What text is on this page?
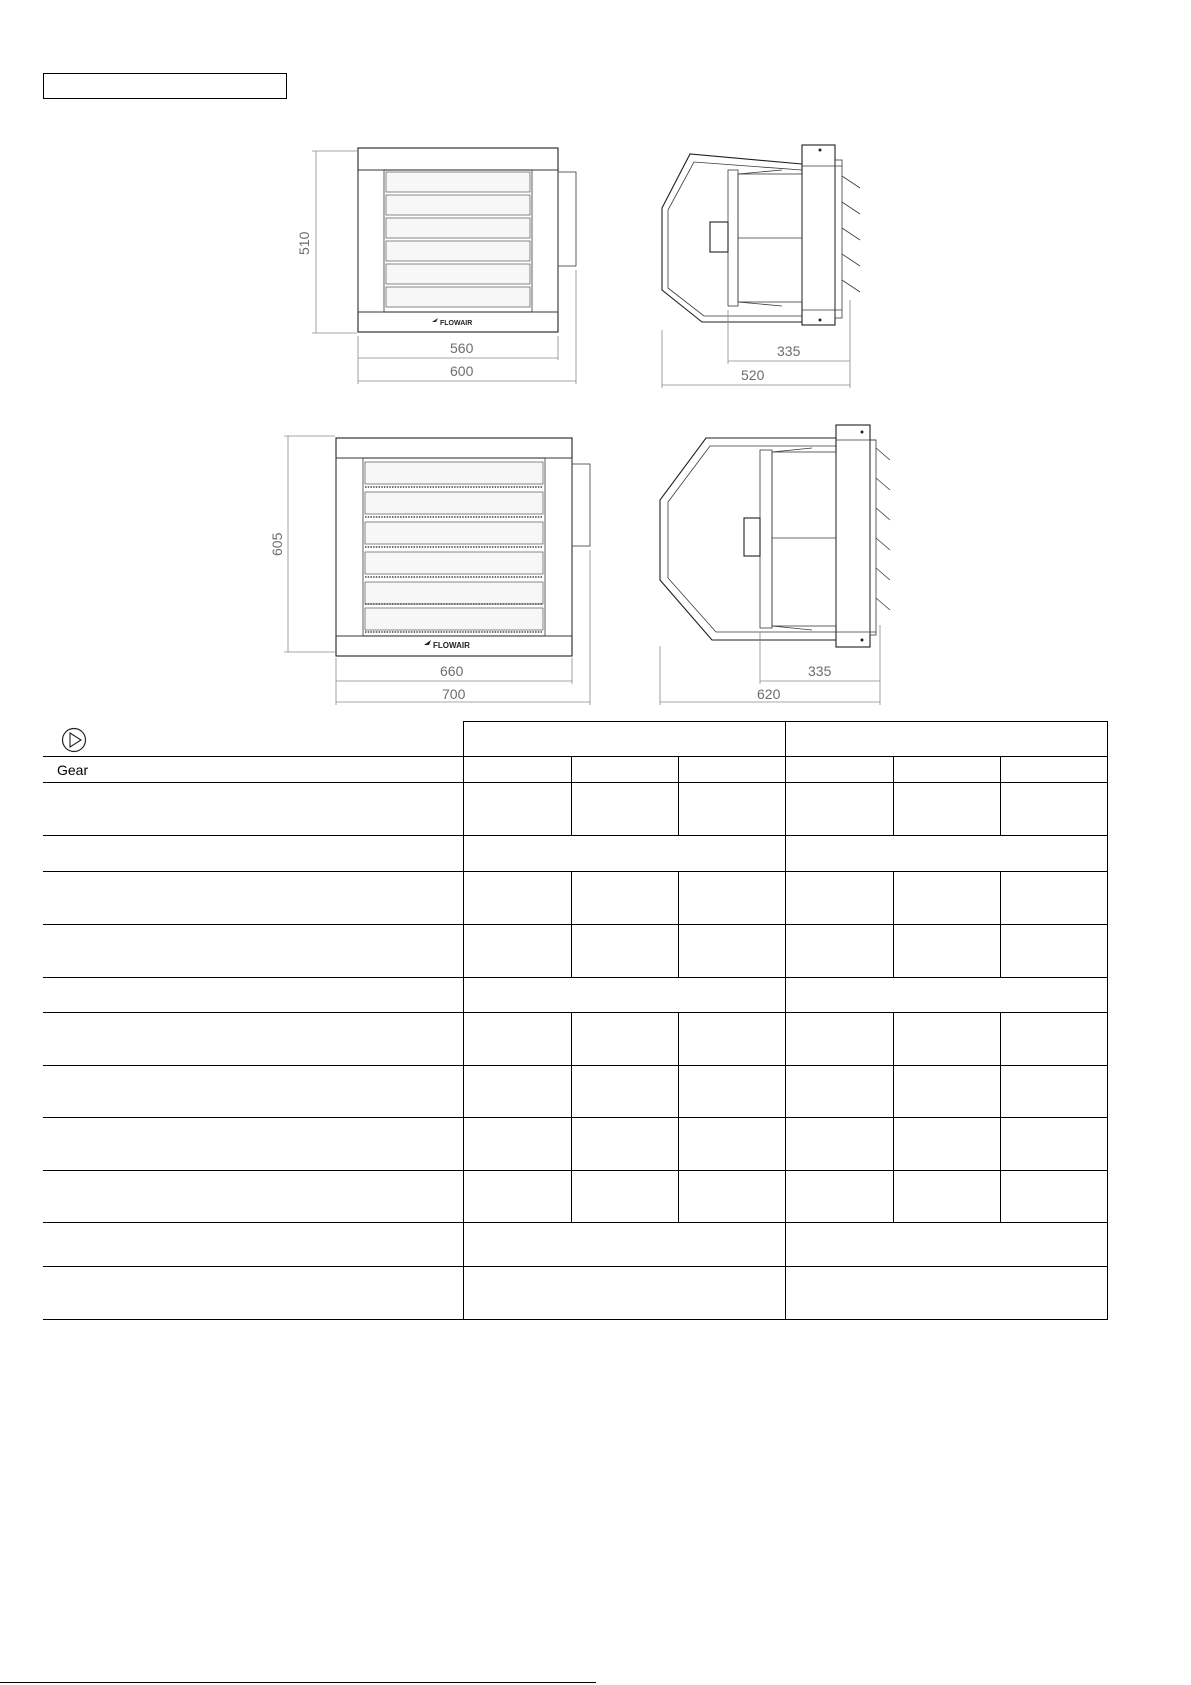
FLOWAIR
510
560
600
335
520
FLOWAIR
605
660
700
335
620

Gear						
